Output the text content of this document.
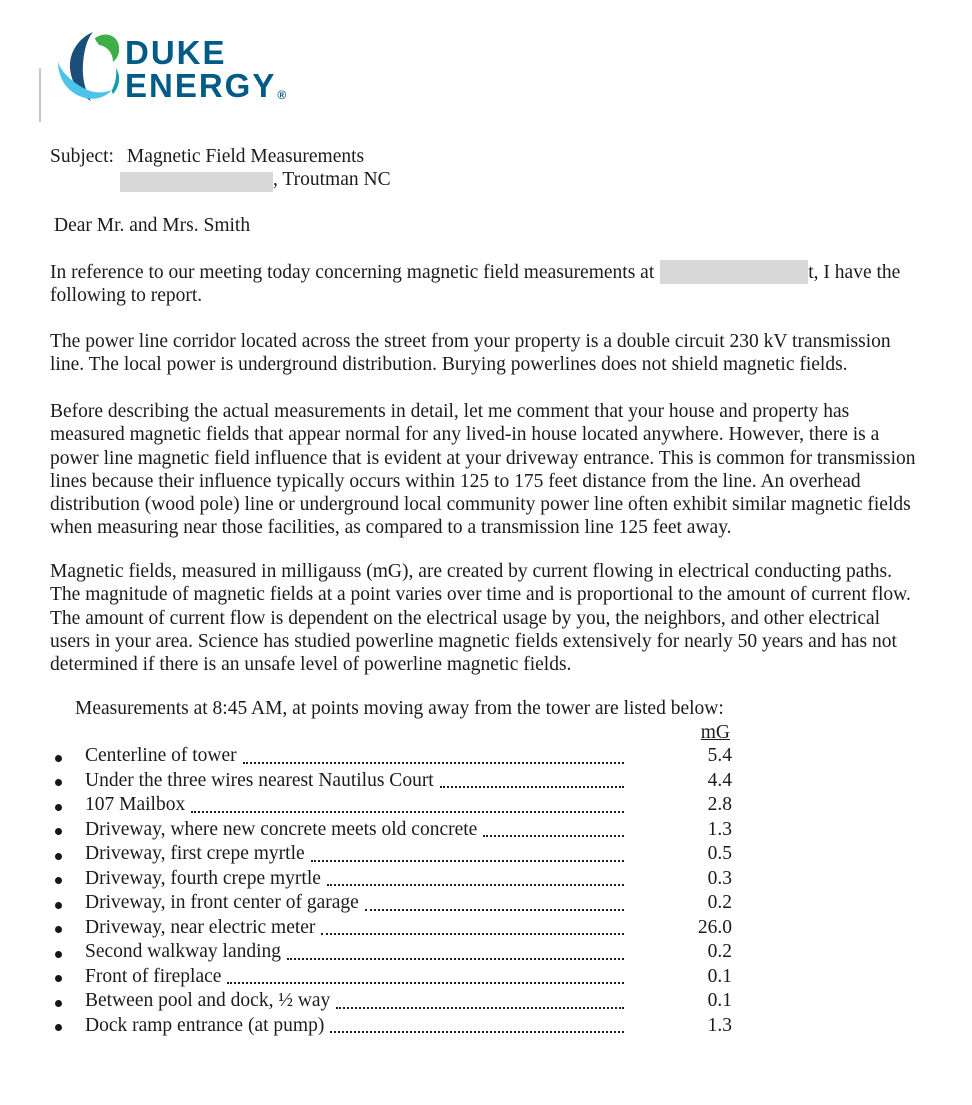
DUKE
ENERGY ®
Subject: Magnetic Field Measurements
, Troutman NC
Dear Mr. and Mrs. Smith

In reference to our meeting today concerning magnetic field measurements at	t, I have the following to report.

The power line corridor located across the street from your property is a double circuit 230 kV transmission line. The local power is underground distribution. Burying powerlines does not shield magnetic fields.

Before describing the actual measurements in detail, let me comment that your house and property has measured magnetic fields that appear normal for any lived-in house located anywhere. However, there is a power line magnetic field influence that is evident at your driveway entrance. This is common for transmission lines because their influence typically occurs within 125 to 175 feet distance from the line. An overhead distribution (wood pole) line or underground local community power line often exhibit similar magnetic fields when measuring near those facilities, as compared to a transmission line 125 feet away.

Magnetic fields, measured in milligauss (mG), are created by current flowing in electrical conducting paths. The magnitude of magnetic fields at a point varies over time and is proportional to the amount of current flow. The amount of current flow is dependent on the electrical usage by you, the neighbors, and other electrical users in your area. Science has studied powerline magnetic fields extensively for nearly 50 years and has not determined if there is an unsafe level of powerline magnetic fields.

Measurements at 8:45 AM, at points moving away from the tower are listed below:
mG
Centerline of tower	5.4
Under the three wires nearest Nautilus Court	4.4
107 Mailbox	2.8
Driveway, where new concrete meets old concrete	1.3
Driveway, first crepe myrtle	0.5
Driveway, fourth crepe myrtle	0.3
Driveway, in front center of garage	0.2
Driveway, near electric meter	26.0
Second walkway landing	0.2
Front of fireplace	0.1
Between pool and dock, ½ way	0.1
Dock ramp entrance (at pump)	1.3
